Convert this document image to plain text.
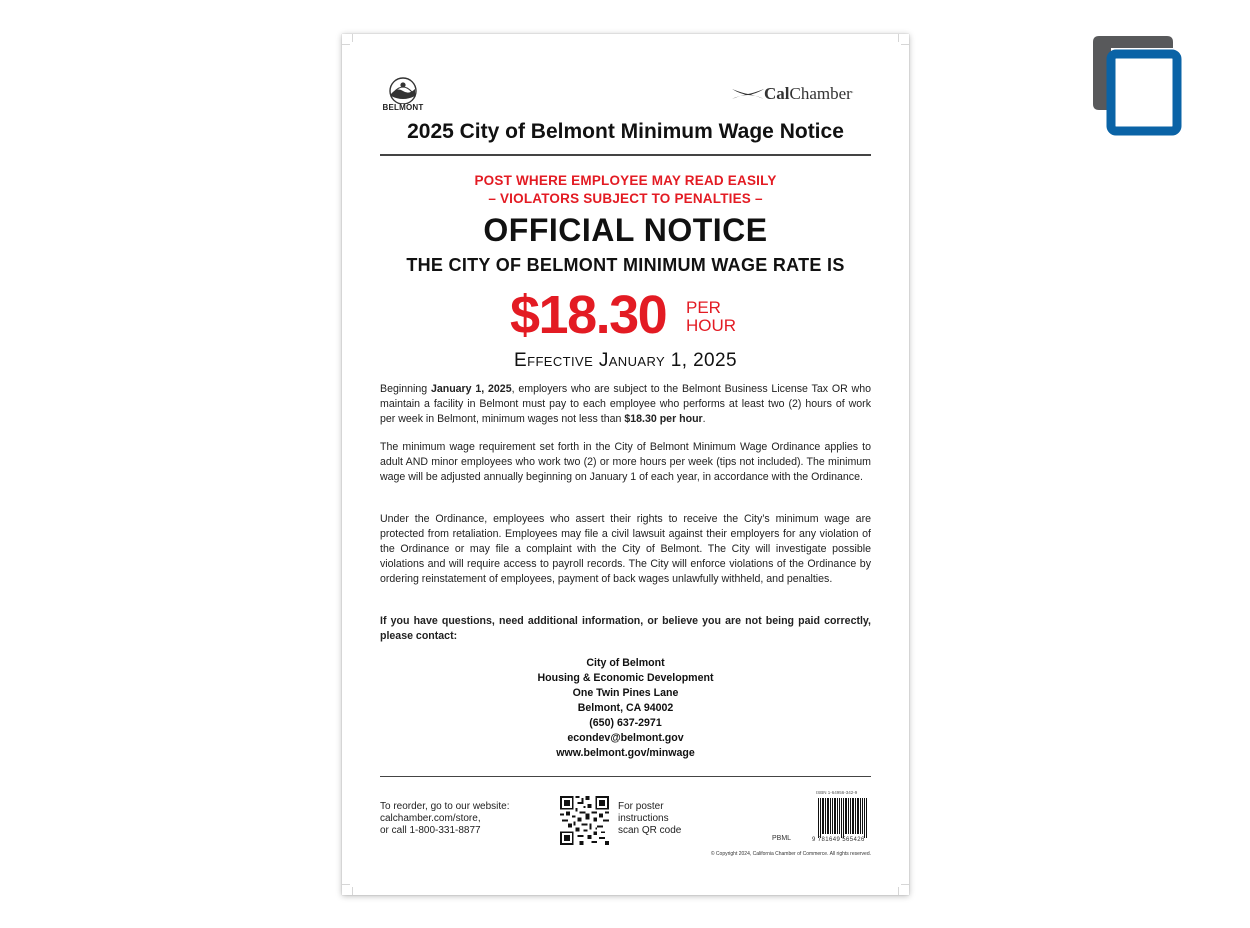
BELMONT
CalChamber.
2025 City of Belmont Minimum Wage Notice
POST WHERE EMPLOYEE MAY READ EASILY
– VIOLATORS SUBJECT TO PENALTIES –
OFFICIAL NOTICE
THE CITY OF BELMONT MINIMUM WAGE RATE IS
$18.30 PER
HOUR
Effective January 1, 2025
Beginning January 1, 2025, employers who are subject to the Belmont Business License Tax OR who maintain a facility in Belmont must pay to each employee who performs at least two (2) hours of work per week in Belmont, minimum wages not less than $18.30 per hour.
The minimum wage requirement set forth in the City of Belmont Minimum Wage Ordinance applies to adult AND minor employees who work two (2) or more hours per week (tips not included). The minimum wage will be adjusted annually beginning on January 1 of each year, in accordance with the Ordinance.
Under the Ordinance, employees who assert their rights to receive the City’s minimum wage are protected from retaliation. Employees may file a civil lawsuit against their employers for any violation of the Ordinance or may file a complaint with the City of Belmont. The City will investigate possible violations and will require access to payroll records. The City will enforce violations of the Ordinance by ordering reinstatement of employees, payment of back wages unlawfully withheld, and penalties.
If you have questions, need additional information, or believe you are not being paid correctly, please contact:
City of Belmont
Housing & Economic Development
One Twin Pines Lane
Belmont, CA 94002
(650) 637-2971
econdev@belmont.gov
www.belmont.gov/minwage
To reorder, go to our website:
calchamber.com/store,
or call 1-800-331-8877
For poster
instructions
scan QR code
ISBN 1-64956-342-9
9 781649 565426
PBML
© Copyright 2024, California Chamber of Commerce. All rights reserved.
